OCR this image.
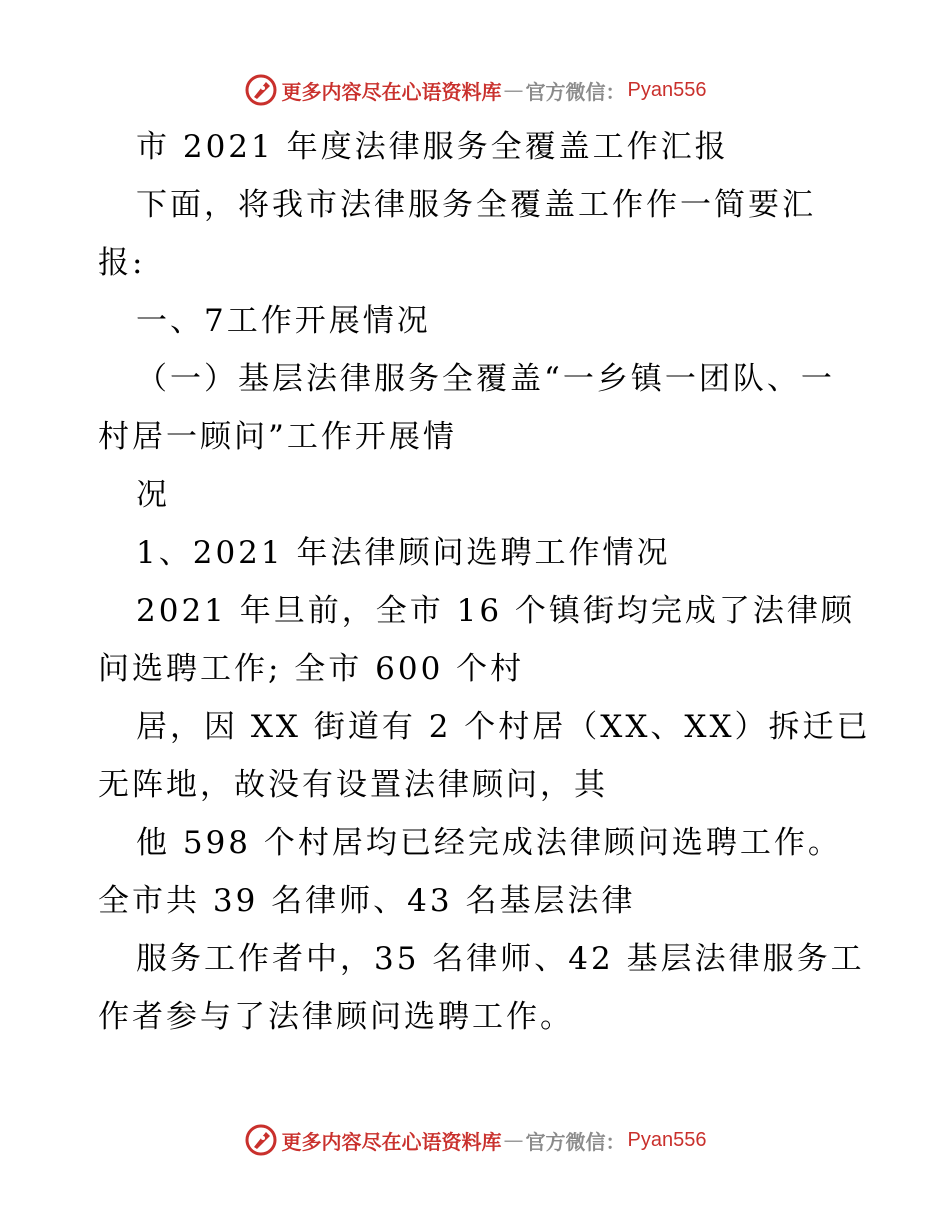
更多内容尽在心语资料库 — 官方微信： Pyan556
市 2021 年度法律服务全覆盖工作汇报
下面，将我市法律服务全覆盖工作作一简要汇
报:
一、7工作开展情况
（一）基层法律服务全覆盖“一乡镇一团队、一
村居一顾问”工作开展情
况
1、2021 年法律顾问选聘工作情况
2021 年旦前，全市 16 个镇街均完成了法律顾
问选聘工作; 全市 600 个村
居，因 XX 街道有 2 个村居（XX、XX）拆迁已
无阵地，故没有设置法律顾问，其
他 598 个村居均已经完成法律顾问选聘工作。
全市共 39 名律师、43 名基层法律
服务工作者中，35 名律师、42 基层法律服务工
作者参与了法律顾问选聘工作。
更多内容尽在心语资料库 — 官方微信： Pyan556
